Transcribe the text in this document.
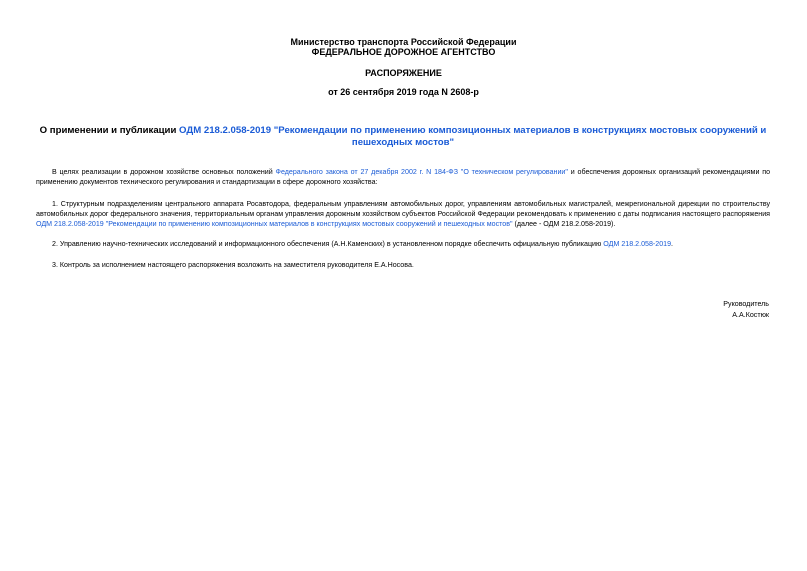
Министерство транспорта Российской Федерации
ФЕДЕРАЛЬНОЕ ДОРОЖНОЕ АГЕНТСТВО
РАСПОРЯЖЕНИЕ
от 26 сентября 2019 года N 2608-р
О применении и публикации ОДМ 218.2.058-2019 "Рекомендации по применению композиционных материалов в конструкциях мостовых сооружений и пешеходных мостов"
В целях реализации в дорожном хозяйстве основных положений Федерального закона от 27 декабря 2002 г. N 184-ФЗ "О техническом регулировании" и обеспечения дорожных организаций рекомендациями по применению документов технического регулирования и стандартизации в сфере дорожного хозяйства:
1. Структурным подразделениям центрального аппарата Росавтодора, федеральным управлениям автомобильных дорог, управлениям автомобильных магистралей, межрегиональной дирекции по строительству автомобильных дорог федерального значения, территориальным органам управления дорожным хозяйством субъектов Российской Федерации рекомендовать к применению с даты подписания настоящего распоряжения ОДМ 218.2.058-2019 "Рекомендации по применению композиционных материалов в конструкциях мостовых сооружений и пешеходных мостов" (далее - ОДМ 218.2.058-2019).
2. Управлению научно-технических исследований и информационного обеспечения (А.Н.Каменских) в установленном порядке обеспечить официальную публикацию ОДМ 218.2.058-2019.
3. Контроль за исполнением настоящего распоряжения возложить на заместителя руководителя Е.А.Носова.
Руководитель
А.А.Костюк
